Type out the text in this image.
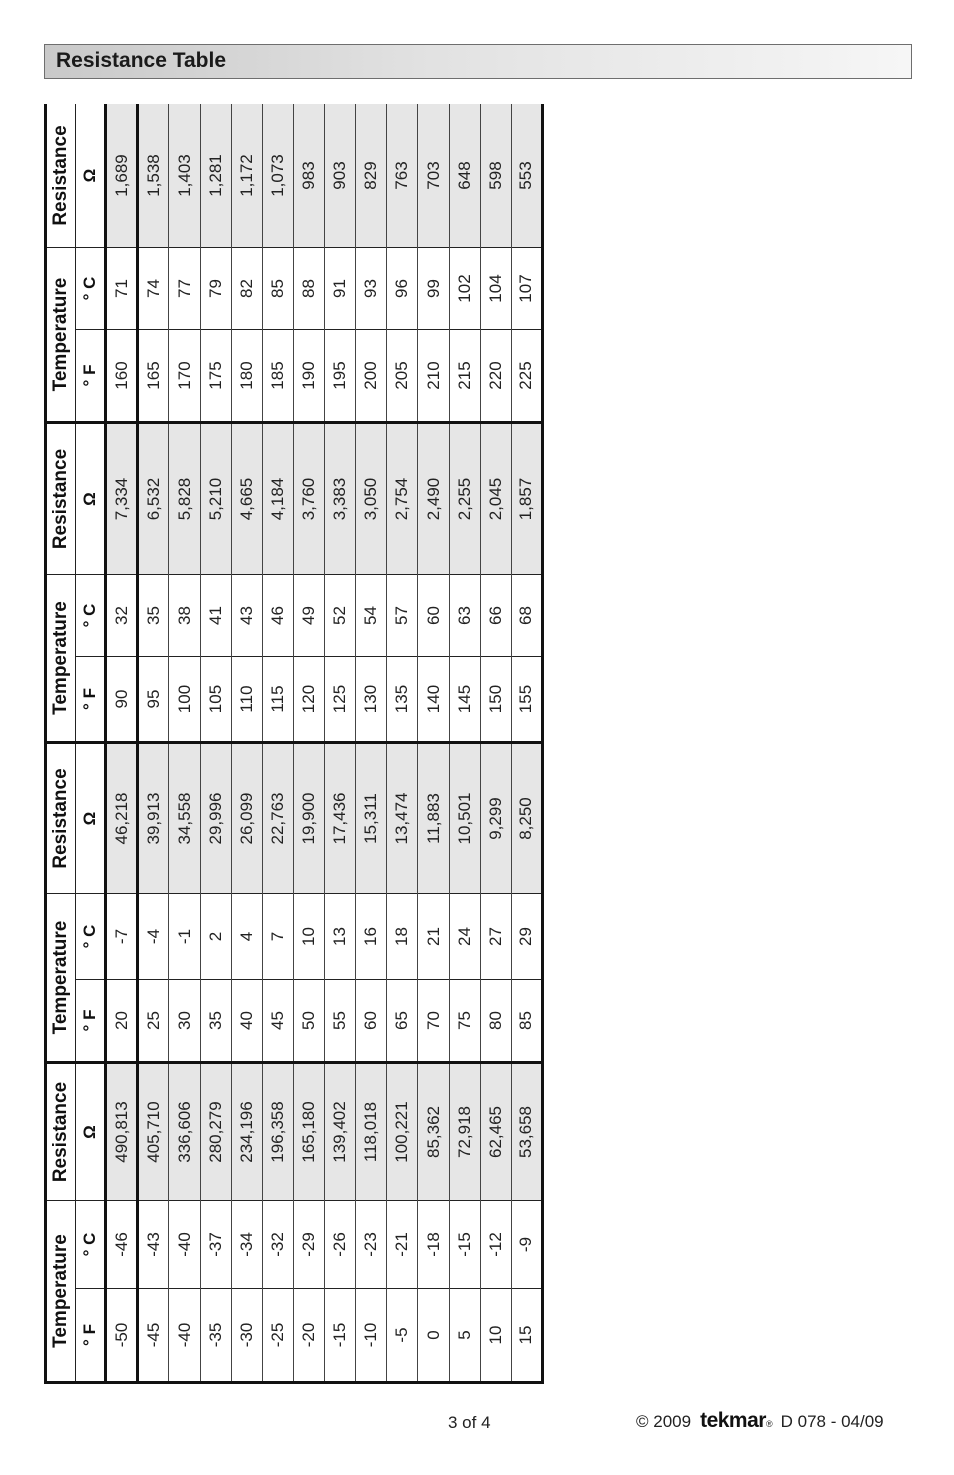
Resistance Table
Temperature		Resistance	Temperature		Resistance	Temperature		Resistance	Temperature		Resistance
° F	° C	Ω	° F	° C	Ω	° F	° C	Ω	° F	° C	Ω
-50	-46	490,813	20	-7	46,218	90	32	7,334	160	71	1,689
-45	-43	405,710	25	-4	39,913	95	35	6,532	165	74	1,538
-40	-40	336,606	30	-1	34,558	100	38	5,828	170	77	1,403
-35	-37	280,279	35	2	29,996	105	41	5,210	175	79	1,281
-30	-34	234,196	40	4	26,099	110	43	4,665	180	82	1,172
-25	-32	196,358	45	7	22,763	115	46	4,184	185	85	1,073
-20	-29	165,180	50	10	19,900	120	49	3,760	190	88	983
-15	-26	139,402	55	13	17,436	125	52	3,383	195	91	903
-10	-23	118,018	60	16	15,311	130	54	3,050	200	93	829
-5	-21	100,221	65	18	13,474	135	57	2,754	205	96	763
0	-18	85,362	70	21	11,883	140	60	2,490	210	99	703
5	-15	72,918	75	24	10,501	145	63	2,255	215	102	648
10	-12	62,465	80	27	9,299	150	66	2,045	220	104	598
15	-9	53,658	85	29	8,250	155	68	1,857	225	107	553
3 of 4	© 2009 tekmar ® D 078 - 04/09
